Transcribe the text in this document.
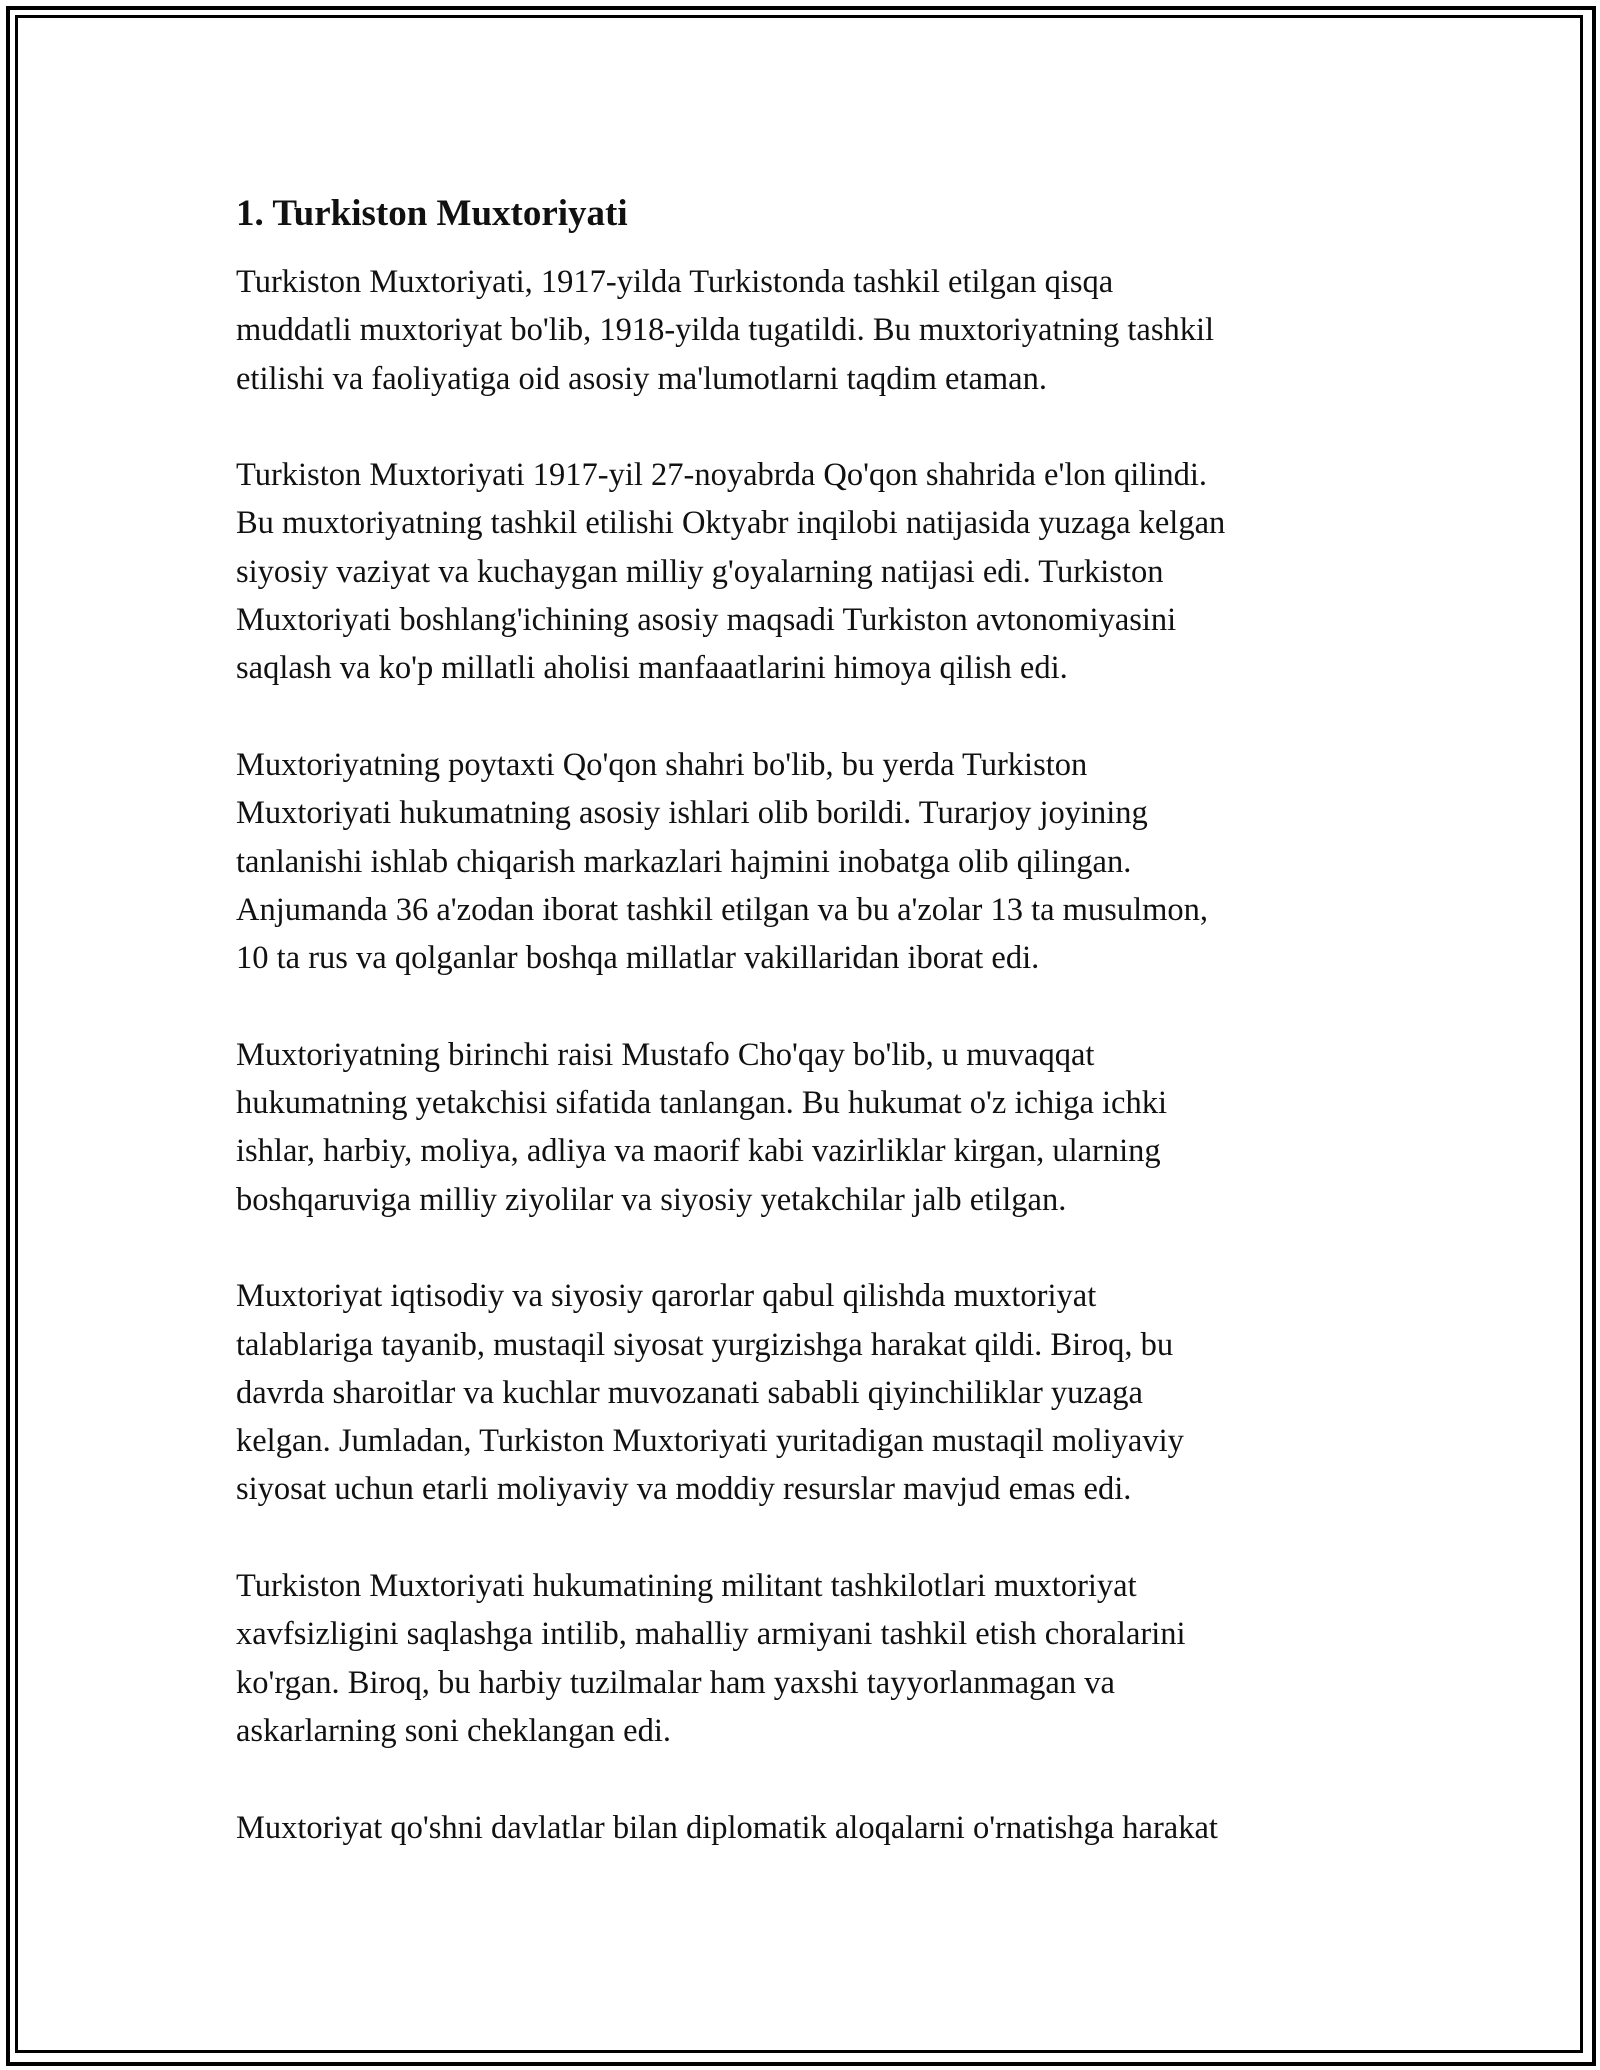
1. Turkiston Muxtoriyati

Turkiston Muxtoriyati, 1917-yilda Turkistonda tashkil etilgan qisqa
muddatli muxtoriyat bo'lib, 1918-yilda tugatildi. Bu muxtoriyatning tashkil
etilishi va faoliyatiga oid asosiy ma'lumotlarni taqdim etaman.

Turkiston Muxtoriyati 1917-yil 27-noyabrda Qo'qon shahrida e'lon qilindi.
Bu muxtoriyatning tashkil etilishi Oktyabr inqilobi natijasida yuzaga kelgan
siyosiy vaziyat va kuchaygan milliy g'oyalarning natijasi edi. Turkiston
Muxtoriyati boshlang'ichining asosiy maqsadi Turkiston avtonomiyasini
saqlash va ko'p millatli aholisi manfaaatlarini himoya qilish edi.

Muxtoriyatning poytaxti Qo'qon shahri bo'lib, bu yerda Turkiston
Muxtoriyati hukumatning asosiy ishlari olib borildi. Turarjoy joyining
tanlanishi ishlab chiqarish markazlari hajmini inobatga olib qilingan.
Anjumanda 36 a'zodan iborat tashkil etilgan va bu a'zolar 13 ta musulmon,
10 ta rus va qolganlar boshqa millatlar vakillaridan iborat edi.

Muxtoriyatning birinchi raisi Mustafo Cho'qay bo'lib, u muvaqqat
hukumatning yetakchisi sifatida tanlangan. Bu hukumat o'z ichiga ichki
ishlar, harbiy, moliya, adliya va maorif kabi vazirliklar kirgan, ularning
boshqaruviga milliy ziyolilar va siyosiy yetakchilar jalb etilgan.

Muxtoriyat iqtisodiy va siyosiy qarorlar qabul qilishda muxtoriyat
talablariga tayanib, mustaqil siyosat yurgizishga harakat qildi. Biroq, bu
davrda sharoitlar va kuchlar muvozanati sababli qiyinchiliklar yuzaga
kelgan. Jumladan, Turkiston Muxtoriyati yuritadigan mustaqil moliyaviy
siyosat uchun etarli moliyaviy va moddiy resurslar mavjud emas edi.

Turkiston Muxtoriyati hukumatining militant tashkilotlari muxtoriyat
xavfsizligini saqlashga intilib, mahalliy armiyani tashkil etish choralarini
ko'rgan. Biroq, bu harbiy tuzilmalar ham yaxshi tayyorlanmagan va
askarlarning soni cheklangan edi.

Muxtoriyat qo'shni davlatlar bilan diplomatik aloqalarni o'rnatishga harakat
